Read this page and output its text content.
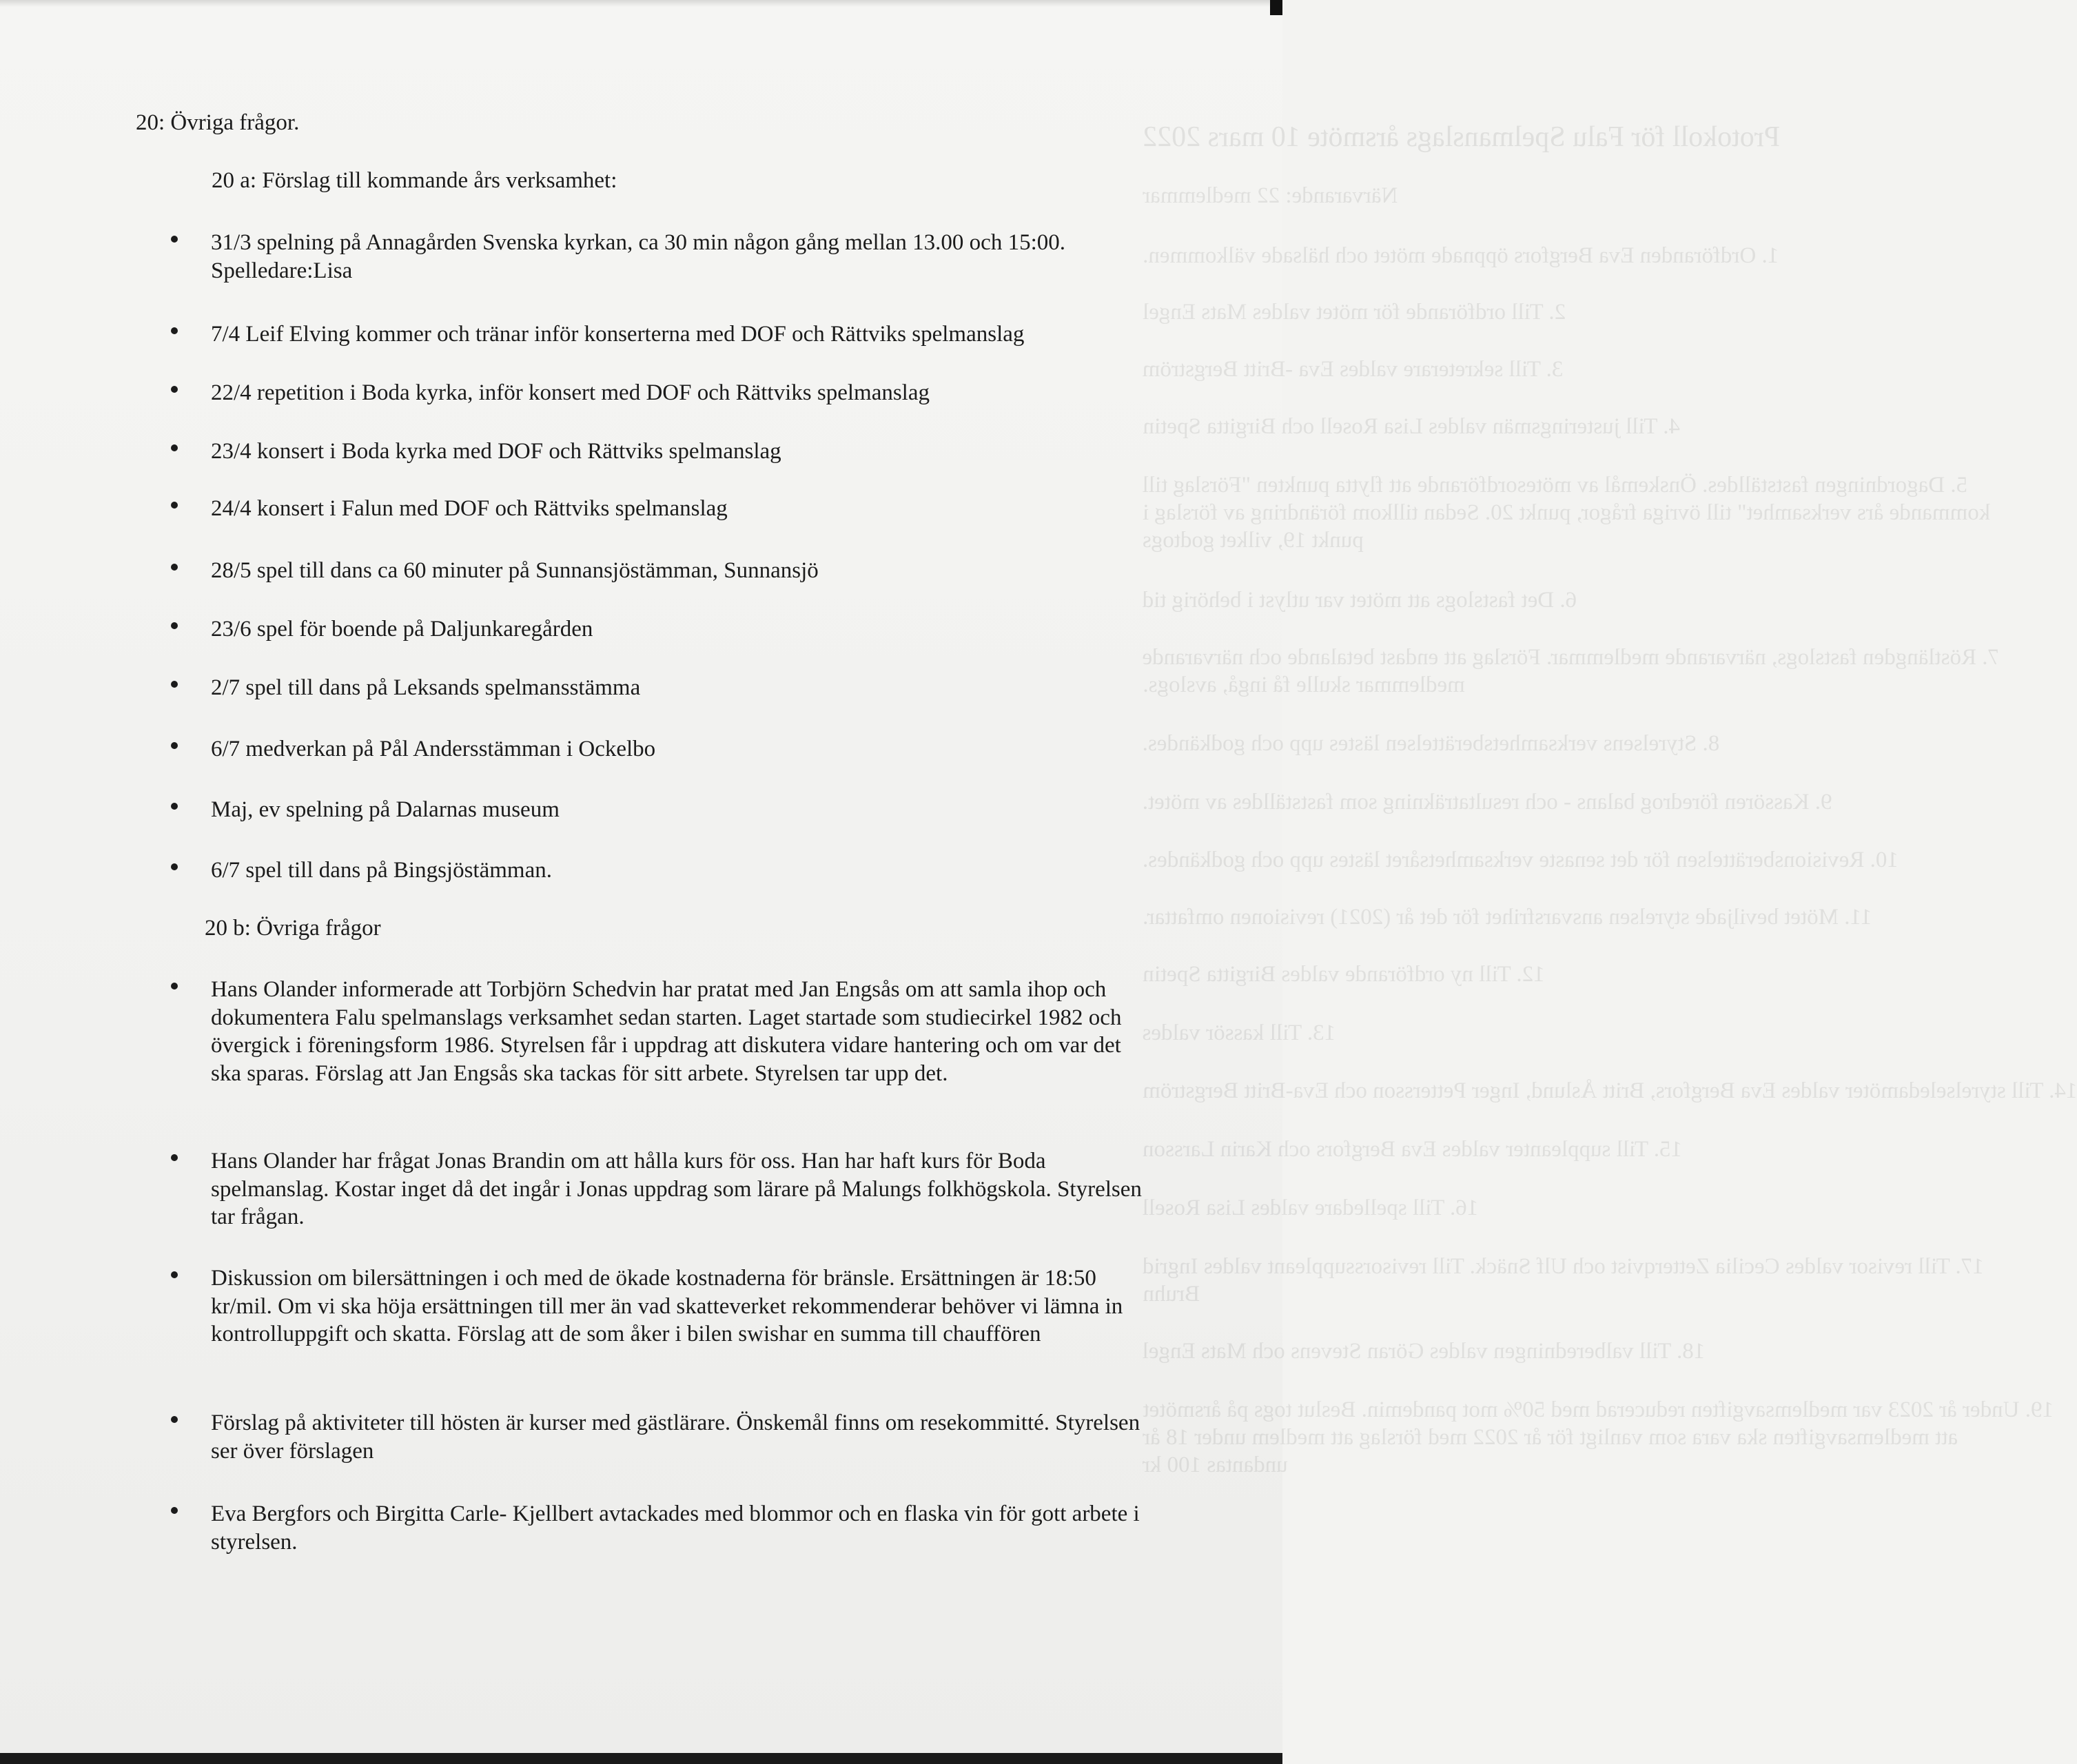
Protokoll för Falu Spelmanslags årsmöte 10 mars 2022
Närvarande: 22 medlemmar
1. Ordföranden Eva Bergfors öppnade mötet och hälsade välkommen.
2. Till ordförande för mötet valdes Mats Engel
3. Till sekreterare valdes Eva -Britt Bergström
4. Till justeringsmän valdes Lisa Rosell och Birgitta Spetin
5. Dagordningen fastställdes. Önskemål av mötesordförande att flytta punkten "Förslag till
kommande års verksamhet" till övriga frågor, punkt 20. Sedan tillkom förändring av förslag i
punkt 19, vilket godtogs
6. Det fastslogs att mötet var utlyst i behörig tid
7. Röstlängden fastslogs, närvarande medlemmar. Förslag att endast betalande och närvarande
medlemmar skulle få ingå, avslogs.
8. Styrelsens verksamhetsberättelsen lästes upp och godkändes.
9. Kassören föredrog balans - och resultaträkning som fastställdes av mötet.
10. Revisionsberättelsen för det senaste verksamhetsåret lästes upp och godkändes.
11. Mötet beviljade styrelsen ansvarsfrihet för det år (2021) revisionen omfattar.
12. Till ny ordförande valdes Birgitta Spetin
13. Till kassör valdes
14. Till styrelseledamöter valdes Eva Bergfors, Britt Åslund, Inger Pettersson och Eva-Britt Bergström
15. Till suppleanter valdes Eva Bergfors och Karin Larsson
16. Till spelledare valdes Lisa Rosell
17. Till revisor valdes Cecilia Zetterqvist och Ulf Snäck. Till revisorssuppleant valdes Ingrid
Bruhn
18. Till valberedningen valdes Göran Stevens och Mats Engel
19. Under år 2023 var medlemsavgiften reducerad med 50% mot pandemin. Beslut togs på årsmötet
att medlemsavgiften ska vara som vanligt för år 2022 med förslag att medlem under 18 år
undantas 100 kr
20: Övriga frågor.
20 a: Förslag till kommande års verksamhet:
31/3 spelning på Annagården Svenska kyrkan, ca 30 min någon gång mellan 13.00 och 15:00. Spelledare:Lisa
7/4 Leif Elving kommer och tränar inför konserterna med DOF och Rättviks spelmanslag
22/4 repetition i Boda kyrka, inför konsert med DOF och Rättviks spelmanslag
23/4 konsert i Boda kyrka med DOF och Rättviks spelmanslag
24/4 konsert i Falun med DOF och Rättviks spelmanslag
28/5 spel till dans ca 60 minuter på Sunnansjöstämman, Sunnansjö
23/6 spel för boende på Daljunkaregården
2/7 spel till dans på Leksands spelmansstämma
6/7 medverkan på Pål Andersstämman i Ockelbo
Maj, ev spelning på Dalarnas museum
6/7 spel till dans på Bingsjöstämman.
20 b: Övriga frågor
Hans Olander informerade att Torbjörn Schedvin har pratat med Jan Engsås om att samla ihop och dokumentera Falu spelmanslags verksamhet sedan starten. Laget startade som studiecirkel 1982 och övergick i föreningsform 1986. Styrelsen får i uppdrag att diskutera vidare hantering och om var det ska sparas. Förslag att Jan Engsås ska tackas för sitt arbete. Styrelsen tar upp det.
Hans Olander har frågat Jonas Brandin om att hålla kurs för oss. Han har haft kurs för Boda spelmanslag. Kostar inget då det ingår i Jonas uppdrag som lärare på Malungs folkhögskola. Styrelsen tar frågan.
Diskussion om bilersättningen i och med de ökade kostnaderna för bränsle. Ersättningen är 18:50 kr/mil. Om vi ska höja ersättningen till mer än vad skatteverket rekommenderar behöver vi lämna in kontrolluppgift och skatta. Förslag att de som åker i bilen swishar en summa till chauffören
Förslag på aktiviteter till hösten är kurser med gästlärare. Önskemål finns om resekommitté. Styrelsen ser över förslagen
Eva Bergfors och Birgitta Carle- Kjellbert avtackades med blommor och en flaska vin för gott arbete i styrelsen.
